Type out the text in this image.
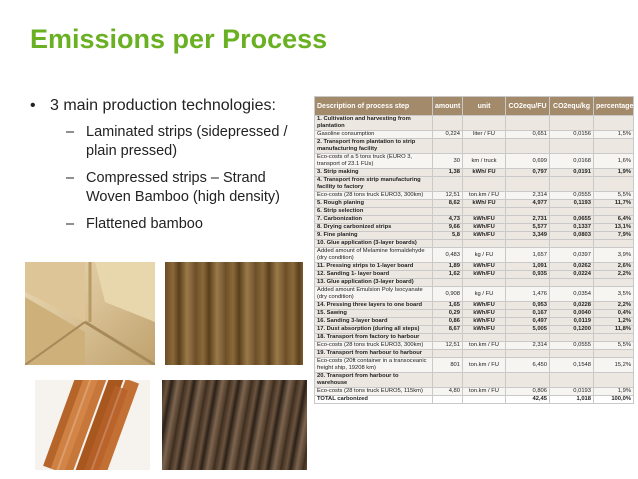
Emissions per Process
• 3 main production technologies:
– Laminated strips (sidepressed / plain pressed)
– Compressed strips – Strand Woven Bamboo (high density)
– Flattened bamboo
Description of process step	amount	unit	CO2equ/FU	CO2equ/kg	percentage
1. Cultivation and harvesting from plantation					
Gasoline consumption	0,224	liter / FU	0,651	0,0156	1,5%
2. Transport from plantation to strip manufacturing facility					
Eco-costs of a 5 tons truck (EURO 3, transport of 23.1 FUs)	30	km / truck	0,699	0,0168	1,6%
3. Strip making	1,38	kWh/ FU	0,797	0,0191	1,9%
4. Transport from strip manufacturing facility to factory					
Eco-costs (28 tons truck EURO3, 300km)	12,51	ton.km / FU	2,314	0,0555	5,5%
5. Rough planing	8,62	kWh/ FU	4,977	0,1193	11,7%
6. Strip selection					
7. Carbonization	4,73	kWh/FU	2,731	0,0655	6,4%
8. Drying carbonized strips	9,66	kWh/FU	5,577	0,1337	13,1%
9. Fine planing	5,8	kWh/FU	3,349	0,0803	7,9%
10. Glue application (3-layer boards)					
Added amount of Melamine formaldehyde (dry condition)	0,483	kg / FU	1,657	0,0397	3,9%
11. Pressing strips to 1-layer board	1,89	kWh/FU	1,091	0,0262	2,6%
12. Sanding 1- layer board	1,62	kWh/FU	0,935	0,0224	2,2%
13. Glue application (3-layer board)					
Added amount Emulsion Poly Isocyanate (dry condition)	0,908	kg / FU	1,476	0,0354	3,5%
14. Pressing three layers to one board	1,65	kWh/FU	0,953	0,0228	2,2%
15. Sawing	0,29	kWh/FU	0,167	0,0040	0,4%
16. Sanding 3-layer board	0,86	kWh/FU	0,497	0,0119	1,2%
17. Dust absorption (during all steps)	8,67	kWh/FU	5,005	0,1200	11,8%
18. Transport from factory to harbour					
Eco-costs (28 tons truck EURO3, 300km)	12,51	ton.km / FU	2,314	0,0555	5,5%
19. Transport from harbour to harbour					
Eco-costs (20ft container in a transoceanic freight ship, 19208 km)	801	ton.km / FU	6,450	0,1548	15,2%
20. Transport from harbour to warehouse					
Eco-costs (28 tons truck EURO5, 115km)	4,80	ton.km / FU	0,806	0,0193	1,9%
TOTAL carbonized			42,45	1,018	100,0%
